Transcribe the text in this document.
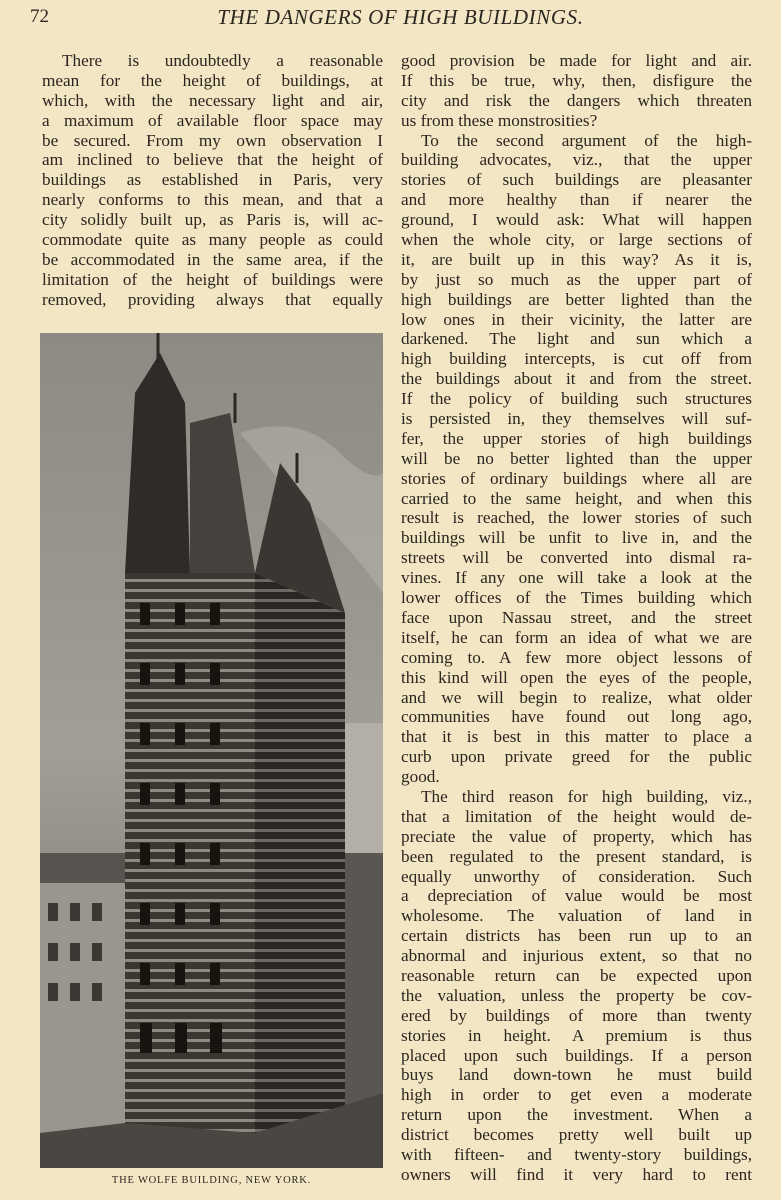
72	THE DANGERS OF HIGH BUILDINGS.
There is undoubtedly a reasonable
mean for the height of buildings, at
which, with the necessary light and air,
a maximum of available floor space may
be secured. From my own observation I
am inclined to believe that the height of
buildings as established in Paris, very
nearly conforms to this mean, and that a
city solidly built up, as Paris is, will ac-
commodate quite as many people as could
be accommodated in the same area, if the
limitation of the height of buildings were
removed, providing always that equally
good provision be made for light and air.
If this be true, why, then, disfigure the
city and risk the dangers which threaten
us from these monstrosities?
To the second argument of the high-
building advocates, viz., that the upper
stories of such buildings are pleasanter
and more healthy than if nearer the
ground, I would ask: What will happen
when the whole city, or large sections of
it, are built up in this way? As it is,
by just so much as the upper part of
high buildings are better lighted than the
low ones in their vicinity, the latter are
darkened. The light and sun which a
high building intercepts, is cut off from
the buildings about it and from the street.
If the policy of building such structures
is persisted in, they themselves will suf-
fer, the upper stories of high buildings
will be no better lighted than the upper
stories of ordinary buildings where all are
carried to the same height, and when this
result is reached, the lower stories of such
buildings will be unfit to live in, and the
streets will be converted into dismal ra-
vines. If any one will take a look at the
lower offices of the Times building which
face upon Nassau street, and the street
itself, he can form an idea of what we are
coming to. A few more object lessons of
this kind will open the eyes of the people,
and we will begin to realize, what older
communities have found out long ago,
that it is best in this matter to place a
curb upon private greed for the public
good.
The third reason for high building, viz.,
that a limitation of the height would de-
preciate the value of property, which has
been regulated to the present standard, is
equally unworthy of consideration. Such
a depreciation of value would be most
wholesome. The valuation of land in
certain districts has been run up to an
abnormal and injurious extent, so that no
reasonable return can be expected upon
the valuation, unless the property be cov-
ered by buildings of more than twenty
stories in height. A premium is thus
placed upon such buildings. If a person
buys land down-town he must build
high in order to get even a moderate
return upon the investment. When a
district becomes pretty well built up
with fifteen- and twenty-story buildings,
owners will find it very hard to rent
THE WOLFE BUILDING, NEW YORK.
